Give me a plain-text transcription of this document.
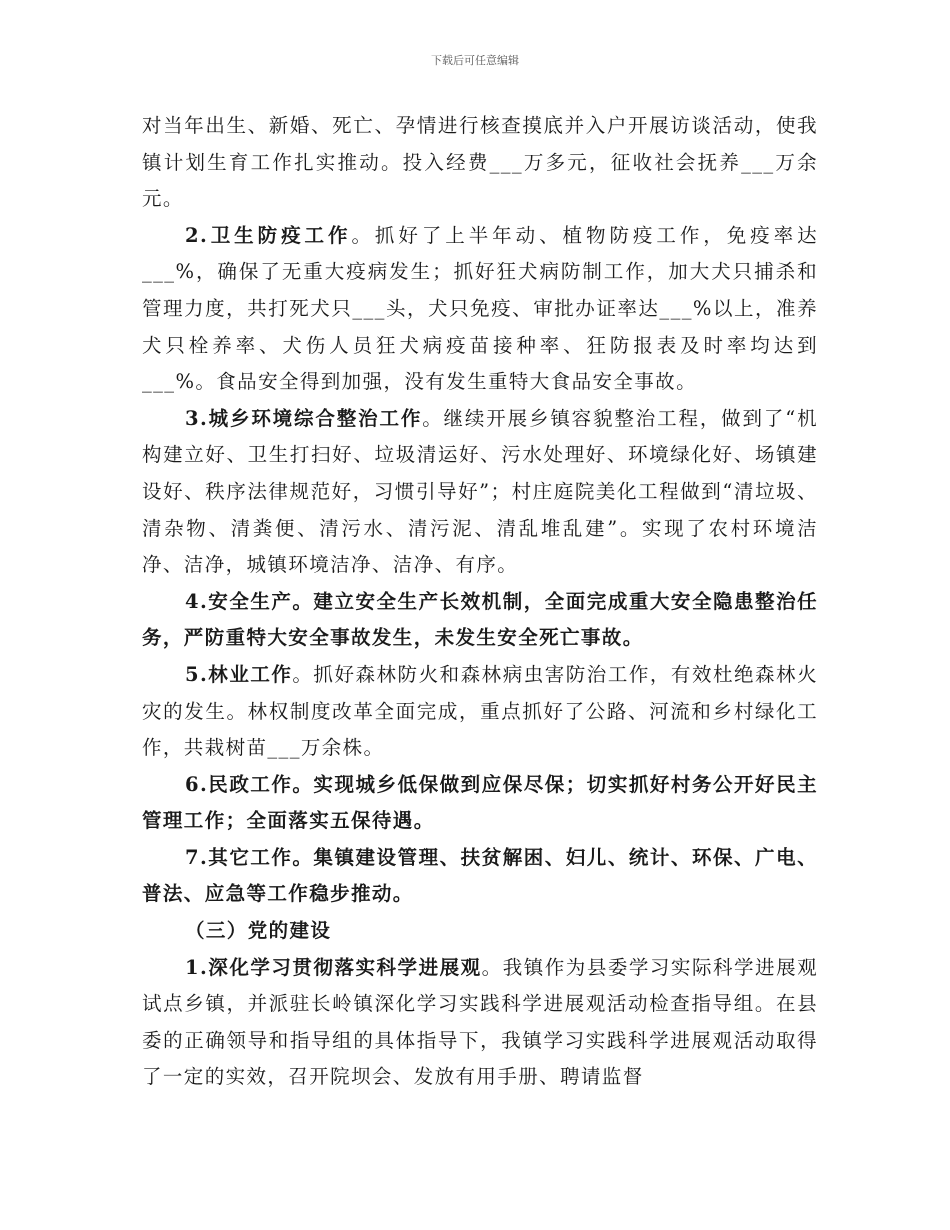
下载后可任意编辑

对当年出生、新婚、死亡、孕情进行核查摸底并入户开展访谈活动，使我镇计划生育工作扎实推动。投入经费___万多元，征收社会抚养___万余元。

2.卫生防疫工作。抓好了上半年动、植物防疫工作，免疫率达___%，确保了无重大疫病发生；抓好狂犬病防制工作，加大犬只捕杀和管理力度，共打死犬只___头，犬只免疫、审批办证率达___%以上，准养犬只栓养率、犬伤人员狂犬病疫苗接种率、狂防报表及时率均达到___%。食品安全得到加强，没有发生重特大食品安全事故。

3.城乡环境综合整治工作。继续开展乡镇容貌整治工程，做到了“机构建立好、卫生打扫好、垃圾清运好、污水处理好、环境绿化好、场镇建设好、秩序法律规范好，习惯引导好”；村庄庭院美化工程做到“清垃圾、清杂物、清粪便、清污水、清污泥、清乱堆乱建”。实现了农村环境洁净、洁净，城镇环境洁净、洁净、有序。

4.安全生产。建立安全生产长效机制，全面完成重大安全隐患整治任务，严防重特大安全事故发生，未发生安全死亡事故。

5.林业工作。抓好森林防火和森林病虫害防治工作，有效杜绝森林火灾的发生。林权制度改革全面完成，重点抓好了公路、河流和乡村绿化工作，共栽树苗___万余株。

6.民政工作。实现城乡低保做到应保尽保；切实抓好村务公开好民主管理工作；全面落实五保待遇。

7.其它工作。集镇建设管理、扶贫解困、妇儿、统计、环保、广电、普法、应急等工作稳步推动。

（三）党的建设

1.深化学习贯彻落实科学进展观。我镇作为县委学习实际科学进展观试点乡镇，并派驻长岭镇深化学习实践科学进展观活动检查指导组。在县委的正确领导和指导组的具体指导下，我镇学习实践科学进展观活动取得了一定的实效，召开院坝会、发放有用手册、聘请监督
